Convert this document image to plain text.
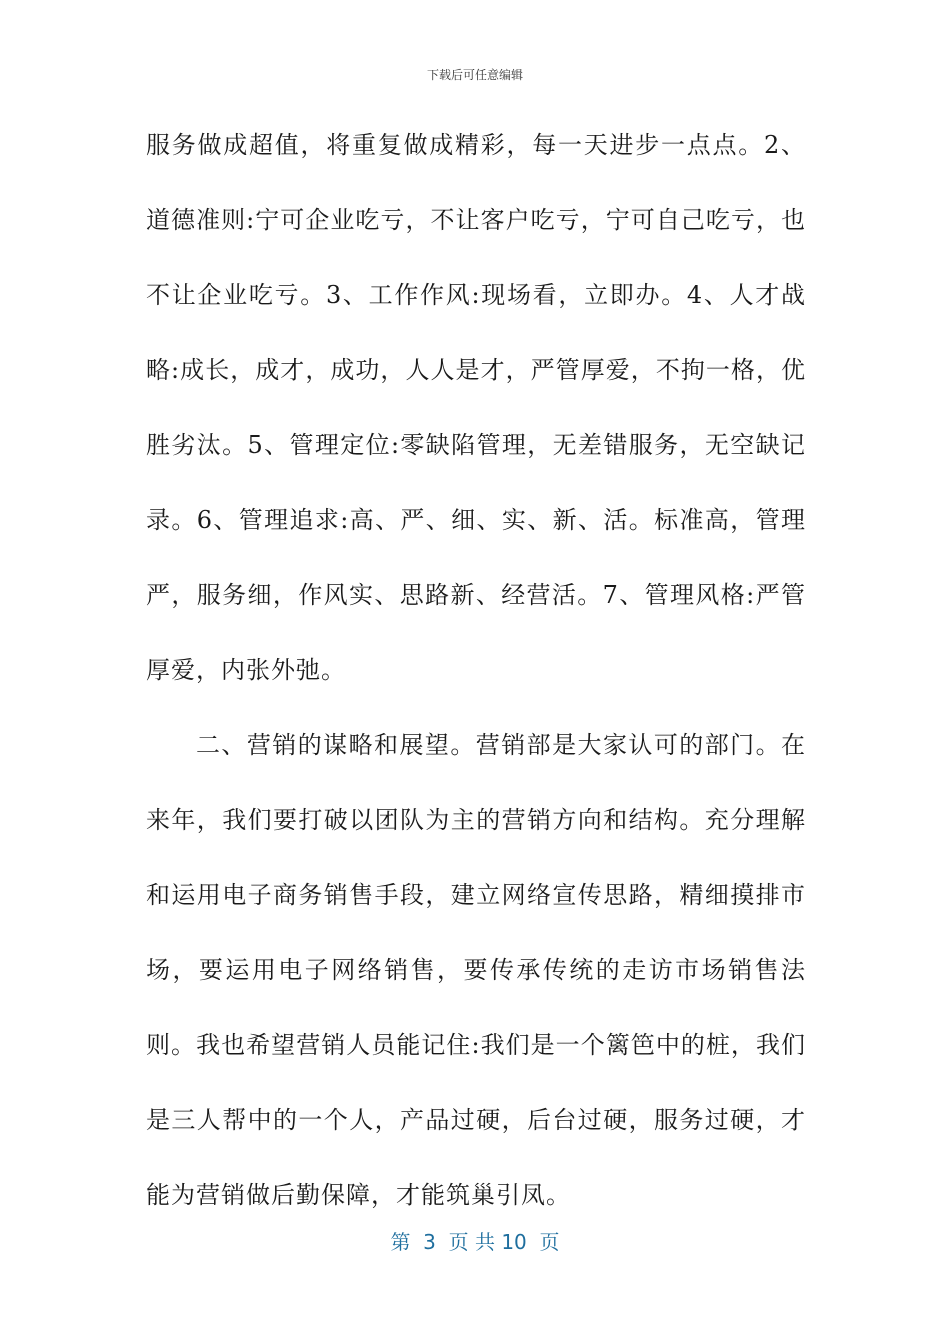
下载后可任意编辑

服务做成超值，将重复做成精彩，每一天进步一点点。2、道德准则:宁可企业吃亏，不让客户吃亏，宁可自己吃亏，也不让企业吃亏。3、工作作风:现场看，立即办。4、人才战略:成长，成才，成功，人人是才，严管厚爱，不拘一格，优胜劣汰。5、管理定位:零缺陷管理，无差错服务，无空缺记录。6、管理追求:高、严、细、实、新、活。标准高，管理严，服务细，作风实、思路新、经营活。7、管理风格:严管厚爱，内张外弛。

二、营销的谋略和展望。营销部是大家认可的部门。在来年，我们要打破以团队为主的营销方向和结构。充分理解和运用电子商务销售手段，建立网络宣传思路，精细摸排市场，要运用电子网络销售，要传承传统的走访市场销售法则。我也希望营销人员能记住:我们是一个篱笆中的桩，我们是三人帮中的一个人，产品过硬，后台过硬，服务过硬，才能为营销做后勤保障，才能筑巢引凤。

第  3  页 共 10  页
